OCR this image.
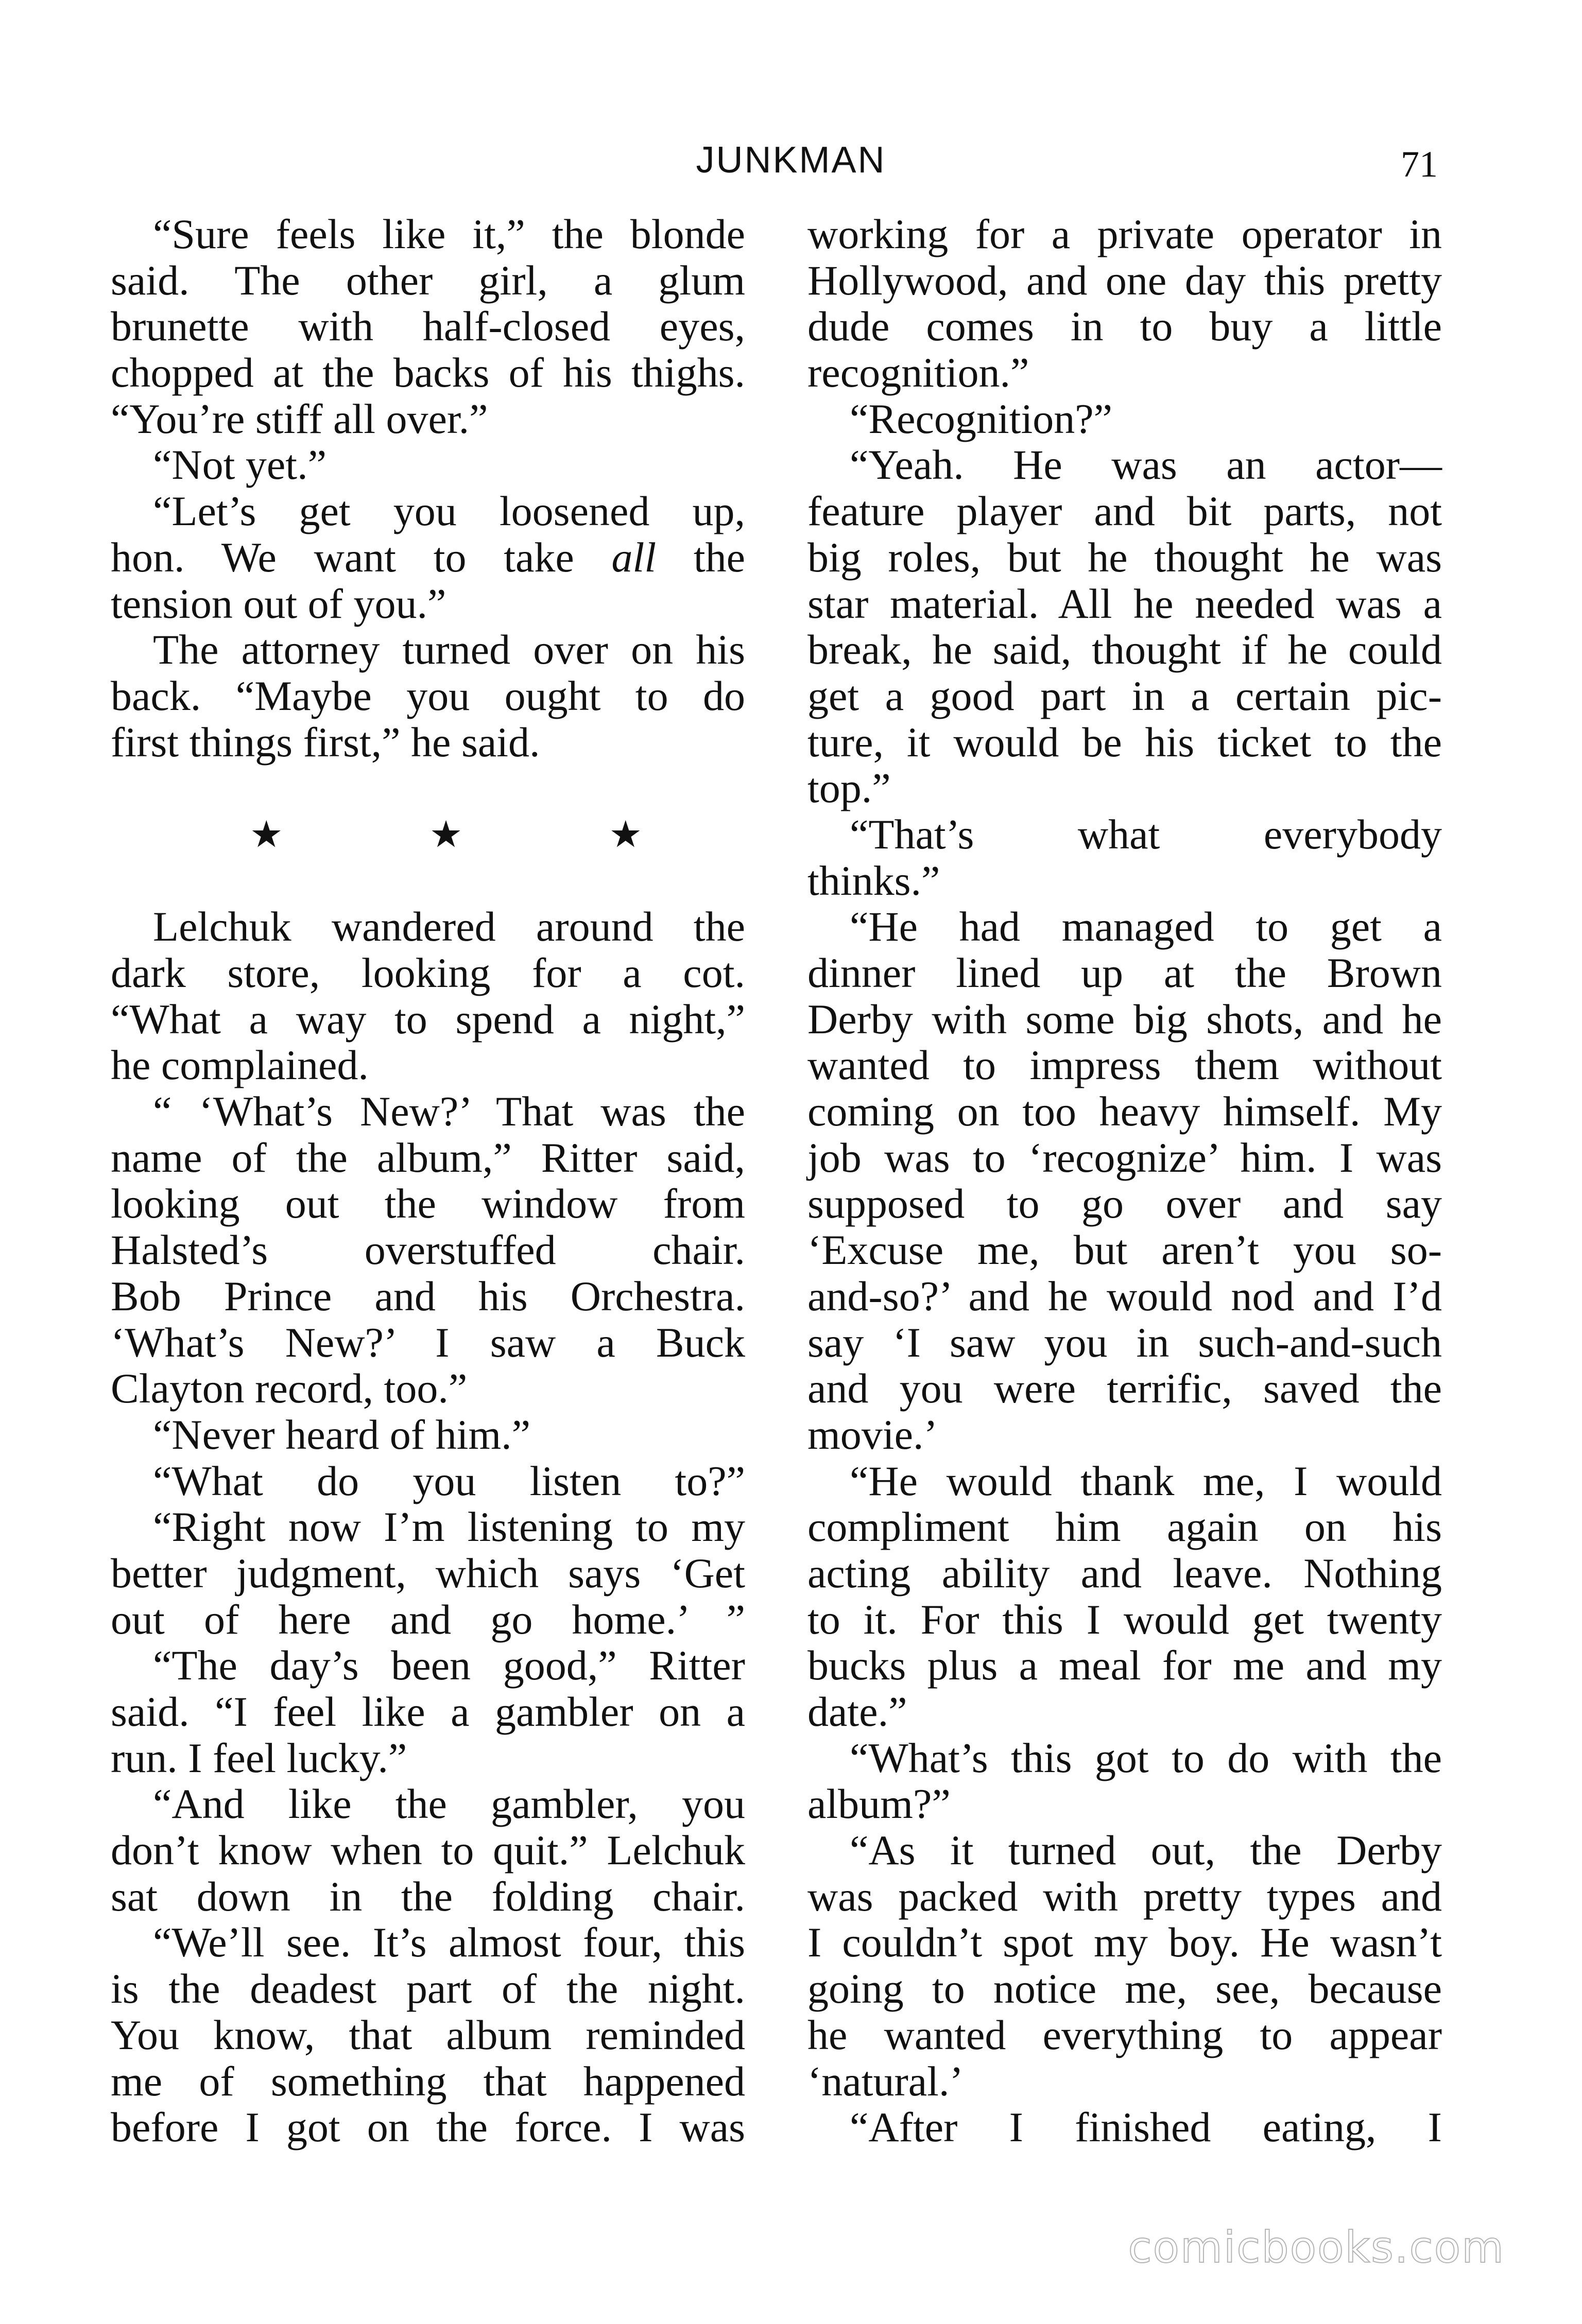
JUNKMAN	71
“Sure feels like it,” the blonde
said. The other girl, a glum
brunette with half-closed eyes,
chopped at the backs of his thighs.
“You’re stiff all over.”
“Not yet.”
“Let’s get you loosened up,
hon. We want to take all the
tension out of you.”
The attorney turned over on his
back. “Maybe you ought to do
first things first,” he said.
★	★	★
Lelchuk wandered around the
dark store, looking for a cot.
“What a way to spend a night,”
he complained.
“ ‘What’s New?’ That was the
name of the album,” Ritter said,
looking out the window from
Halsted’s overstuffed chair.
Bob Prince and his Orchestra.
‘What’s New?’ I saw a Buck
Clayton record, too.”
“Never heard of him.”
“What do you listen to?”
“Right now I’m listening to my
better judgment, which says ‘Get
out of here and go home.’ ”
“The day’s been good,” Ritter
said. “I feel like a gambler on a
run. I feel lucky.”
“And like the gambler, you
don’t know when to quit.” Lelchuk
sat down in the folding chair.
“We’ll see. It’s almost four, this
is the deadest part of the night.
You know, that album reminded
me of something that happened
before I got on the force. I was
working for a private operator in
Hollywood, and one day this pretty
dude comes in to buy a little
recognition.”
“Recognition?”
“Yeah. He was an actor—
feature player and bit parts, not
big roles, but he thought he was
star material. All he needed was a
break, he said, thought if he could
get a good part in a certain pic-
ture, it would be his ticket to the
top.”
“That’s what everybody
thinks.”
“He had managed to get a
dinner lined up at the Brown
Derby with some big shots, and he
wanted to impress them without
coming on too heavy himself. My
job was to ‘recognize’ him. I was
supposed to go over and say
‘Excuse me, but aren’t you so-
and-so?’ and he would nod and I’d
say ‘I saw you in such-and-such
and you were terrific, saved the
movie.’
“He would thank me, I would
compliment him again on his
acting ability and leave. Nothing
to it. For this I would get twenty
bucks plus a meal for me and my
date.”
“What’s this got to do with the
album?”
“As it turned out, the Derby
was packed with pretty types and
I couldn’t spot my boy. He wasn’t
going to notice me, see, because
he wanted everything to appear
‘natural.’
“After I finished eating, I
comicbooks.com
